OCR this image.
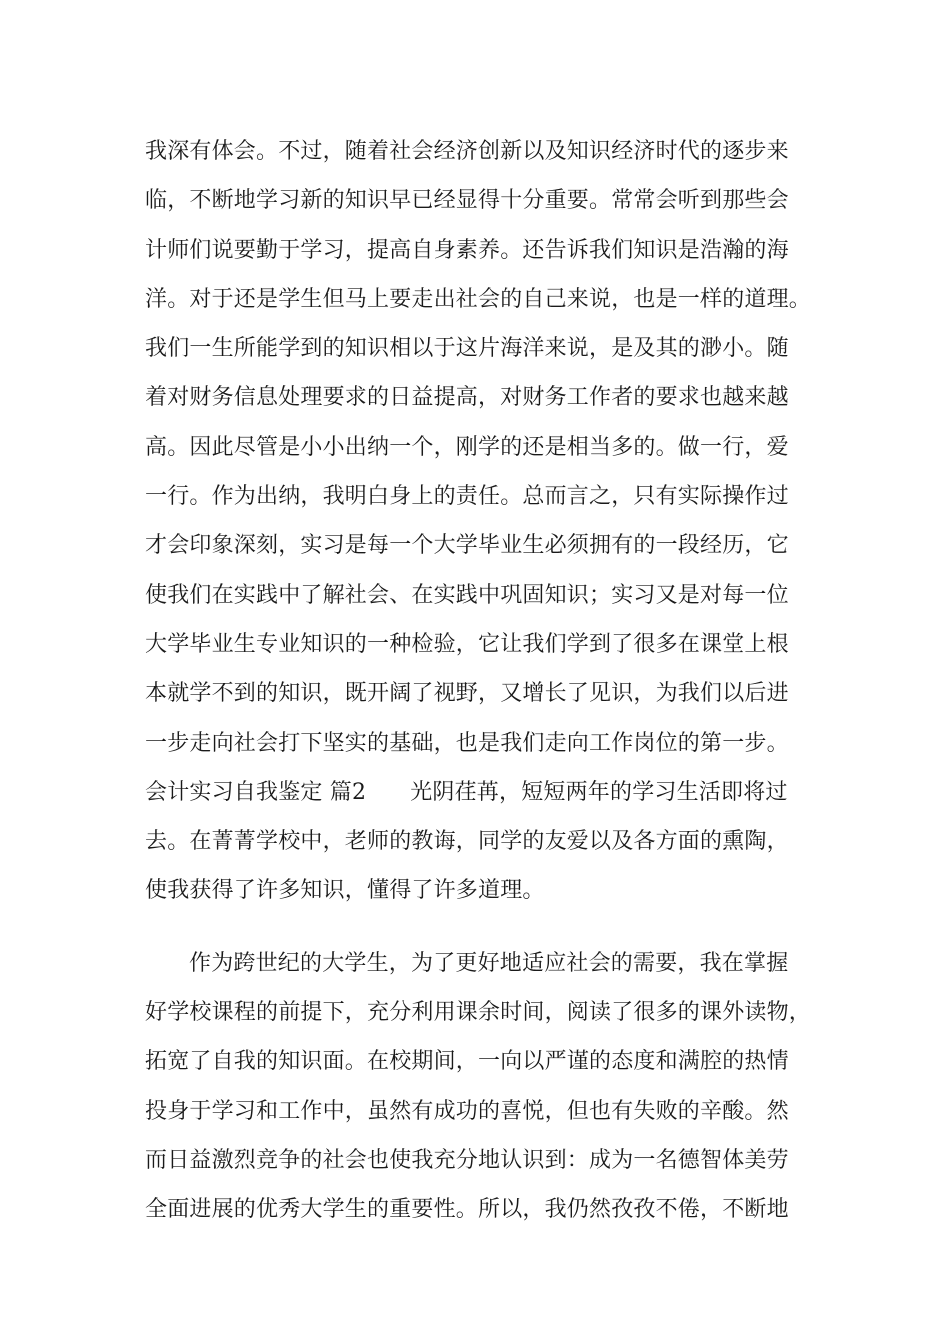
我深有体会。不过，随着社会经济创新以及知识经济时代的逐步来
临，不断地学习新的知识早已经显得十分重要。常常会听到那些会
计师们说要勤于学习，提高自身素养。还告诉我们知识是浩瀚的海
洋。对于还是学生但马上要走出社会的自己来说，也是一样的道理。
我们一生所能学到的知识相以于这片海洋来说，是及其的渺小。随
着对财务信息处理要求的日益提高，对财务工作者的要求也越来越
高。因此尽管是小小出纳一个，刚学的还是相当多的。做一行，爱
一行。作为出纳，我明白身上的责任。总而言之，只有实际操作过
才会印象深刻，实习是每一个大学毕业生必须拥有的一段经历，它
使我们在实践中了解社会、在实践中巩固知识；实习又是对每一位
大学毕业生专业知识的一种检验，它让我们学到了很多在课堂上根
本就学不到的知识，既开阔了视野，又增长了见识，为我们以后进
一步走向社会打下坚实的基础，也是我们走向工作岗位的第一步。
会计实习自我鉴定 篇2 光阴荏苒，短短两年的学习生活即将过
去。在菁菁学校中，老师的教诲，同学的友爱以及各方面的熏陶，
使我获得了许多知识，懂得了许多道理。
作为跨世纪的大学生，为了更好地适应社会的需要，我在掌握
好学校课程的前提下，充分利用课余时间，阅读了很多的课外读物，
拓宽了自我的知识面。在校期间，一向以严谨的态度和满腔的热情
投身于学习和工作中，虽然有成功的喜悦，但也有失败的辛酸。然
而日益激烈竞争的社会也使我充分地认识到：成为一名德智体美劳
全面进展的优秀大学生的重要性。所以，我仍然孜孜不倦，不断地
